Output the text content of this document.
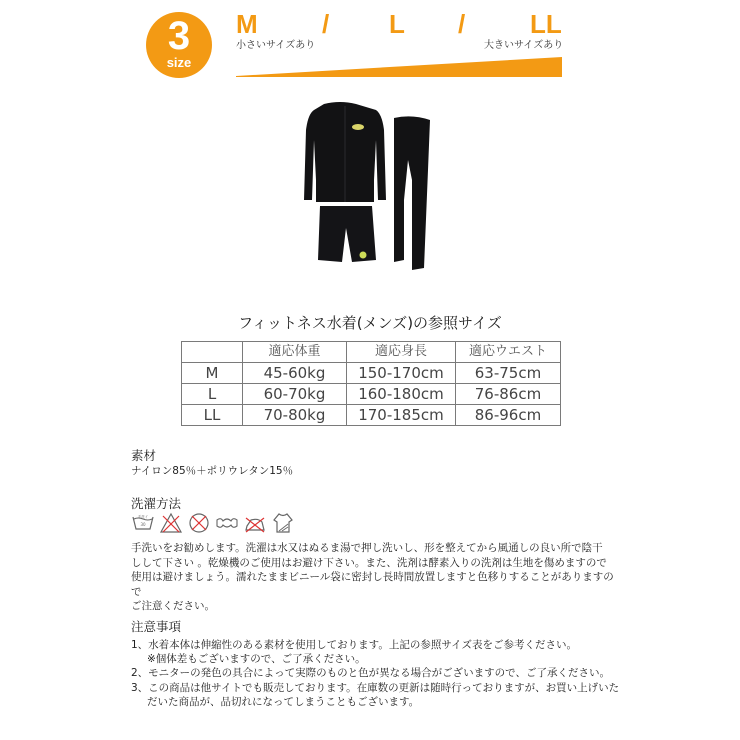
3
size
M / L / LL
小さいサイズあり	大きいサイズあり
フィットネス水着(メンズ)の参照サイズ
	適応体重	適応身長	適応ウエスト
M	45-60kg	150-170cm	63-75cm
L	60-70kg	160-180cm	76-86cm
LL	70-80kg	170-185cm	86-96cm
素材
ナイロン85％＋ポリウレタン15％
洗濯方法
手洗イ
30
手洗いをお勧めします。洗濯は水又はぬるま湯で押し洗いし、形を整えてから風通しの良い所で陰干
しして下さい 。乾燥機のご使用はお避け下さい。また、洗剤は酵素入りの洗剤は生地を傷めますので
使用は避けましょう。濡れたままビニール袋に密封し長時間放置しますと色移りすることがありますので
ご注意ください。
注意事項
1、水着本体は伸縮性のある素材を使用しております。上記の参照サイズ表をご参考ください。
※個体差もございますので、ご了承ください。
2、モニターの発色の具合によって実際のものと色が異なる場合がございますので、ご了承ください。
3、この商品は他サイトでも販売しております。在庫数の更新は随時行っておりますが、お買い上げいた
だいた商品が、品切れになってしまうこともございます。
